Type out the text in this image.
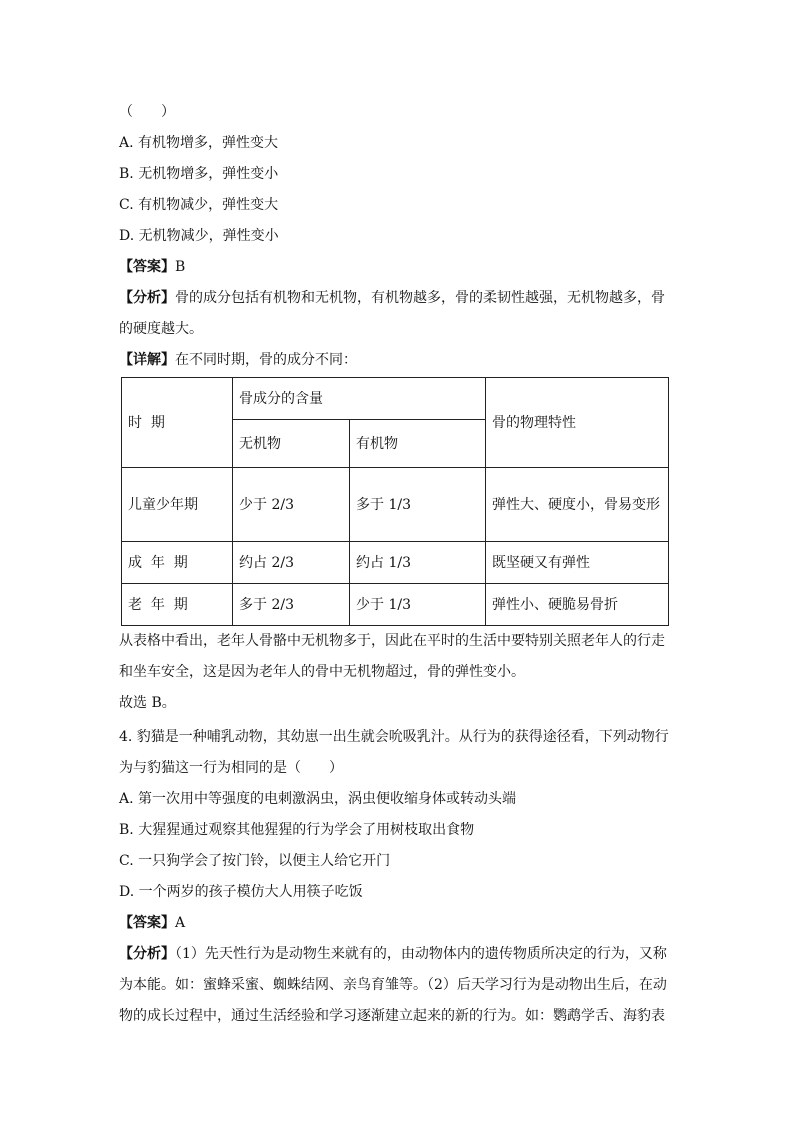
（　　）
A. 有机物增多，弹性变大
B. 无机物增多，弹性变小
C. 有机物减少，弹性变大
D. 无机物减少，弹性变小
【答案】B
【分析】骨的成分包括有机物和无机物，有机物越多，骨的柔韧性越强，无机物越多，骨
的硬度越大。
【详解】在不同时期，骨的成分不同：
时  期	骨成分的含量		骨的物理特性
	无机物	有机物	
儿童少年期	少于 2/3	多于 1/3	弹性大、硬度小，骨易变形
成  年  期	约占 2/3	约占 1/3	既坚硬又有弹性
老  年  期	多于 2/3	少于 1/3	弹性小、硬脆易骨折
从表格中看出，老年人骨骼中无机物多于，因此在平时的生活中要特别关照老年人的行走
和坐车安全，这是因为老年人的骨中无机物超过，骨的弹性变小。
故选 B。
4. 豹猫是一种哺乳动物，其幼崽一出生就会吮吸乳汁。从行为的获得途径看，下列动物行
为与豹猫这一行为相同的是（　　）
A. 第一次用中等强度的电刺激涡虫，涡虫便收缩身体或转动头端
B. 大猩猩通过观察其他猩猩的行为学会了用树枝取出食物
C. 一只狗学会了按门铃，以便主人给它开门
D. 一个两岁的孩子模仿大人用筷子吃饭
【答案】A
【分析】（1）先天性行为是动物生来就有的，由动物体内的遗传物质所决定的行为，又称
为本能。如：蜜蜂采蜜、蜘蛛结网、亲鸟育雏等。（2）后天学习行为是动物出生后，在动
物的成长过程中，通过生活经验和学习逐渐建立起来的新的行为。如：鹦鹉学舌、海豹表
